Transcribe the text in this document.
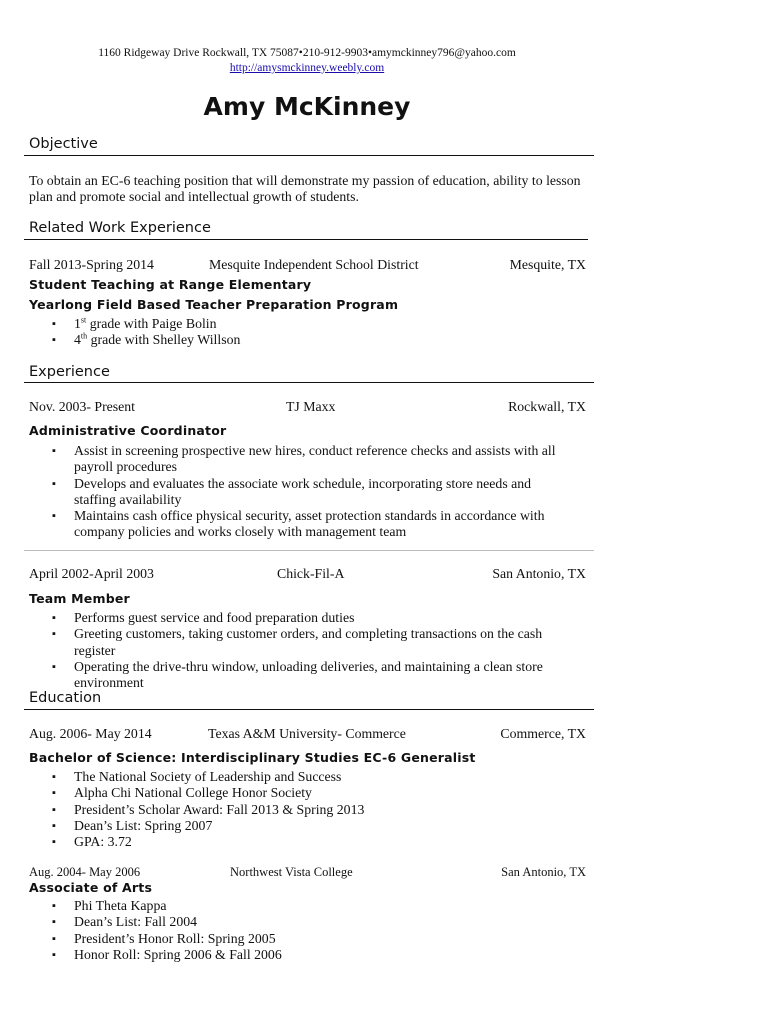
1160 Ridgeway Drive Rockwall, TX 75087•210-912-9903•amymckinney796@yahoo.com
http://amysmckinney.weebly.com
Amy McKinney
Objective
To obtain an EC-6 teaching position that will demonstrate my passion of education, ability to lesson plan and promote social and intellectual growth of students.
Related Work Experience
Fall 2013-Spring 2014	Mesquite Independent School District	Mesquite, TX
Student Teaching at Range Elementary
Yearlong Field Based Teacher Preparation Program
▪ 1st grade with Paige Bolin
▪ 4th grade with Shelley Willson
Experience
Nov. 2003- Present	TJ Maxx	Rockwall, TX
Administrative Coordinator
▪ Assist in screening prospective new hires, conduct reference checks and assists with all payroll procedures
▪ Develops and evaluates the associate work schedule, incorporating store needs and staffing availability
▪ Maintains cash office physical security, asset protection standards in accordance with company policies and works closely with management team
April 2002-April 2003	Chick-Fil-A	San Antonio, TX
Team Member
▪ Performs guest service and food preparation duties
▪ Greeting customers, taking customer orders, and completing transactions on the cash register
▪ Operating the drive-thru window, unloading deliveries, and maintaining a clean store environment
Education
Aug. 2006- May 2014	Texas A&M University- Commerce	Commerce, TX
Bachelor of Science: Interdisciplinary Studies EC-6 Generalist
▪ The National Society of Leadership and Success
▪ Alpha Chi National College Honor Society
▪ President’s Scholar Award: Fall 2013 & Spring 2013
▪ Dean’s List: Spring 2007
▪ GPA: 3.72
Aug. 2004- May 2006	Northwest Vista College	San Antonio, TX
Associate of Arts
▪ Phi Theta Kappa
▪ Dean’s List: Fall 2004
▪ President’s Honor Roll: Spring 2005
▪ Honor Roll: Spring 2006 & Fall 2006
